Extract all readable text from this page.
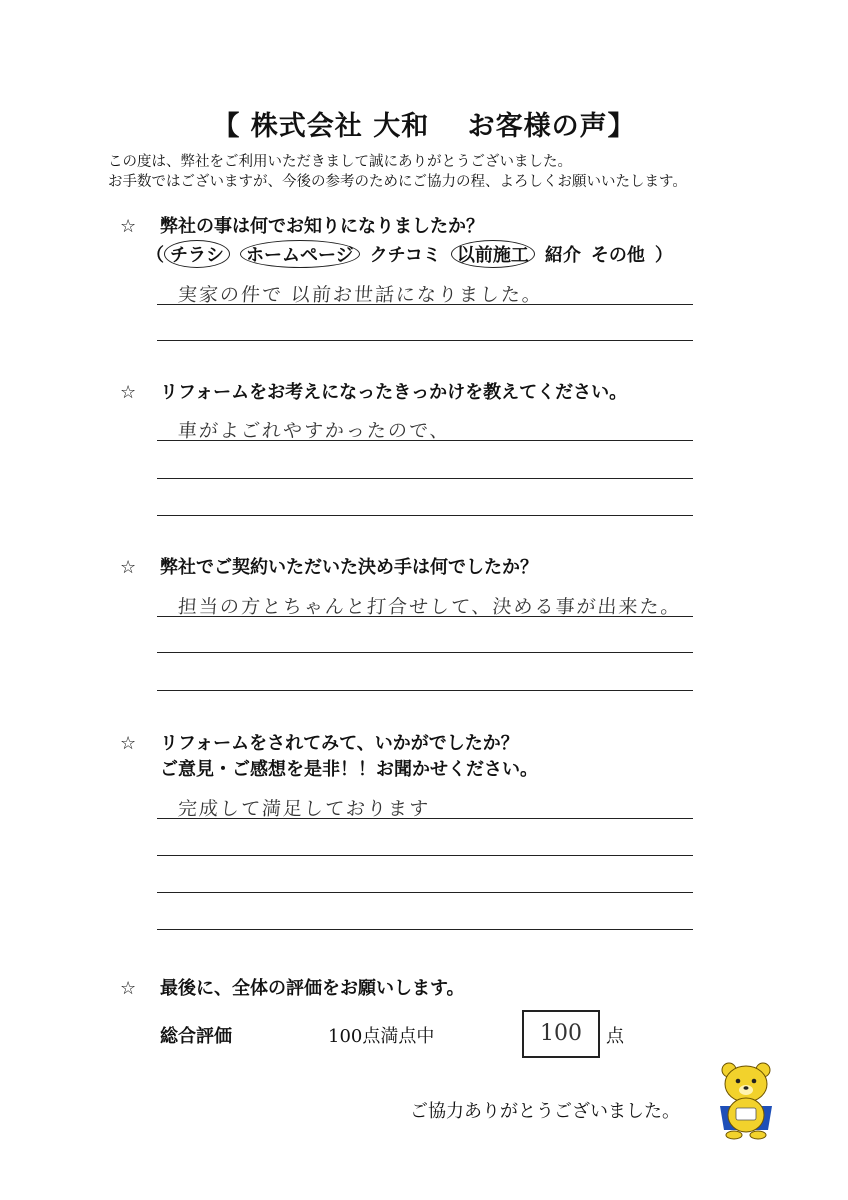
【 株式会社 大和　 お客様の声】
この度は、弊社をご利用いただきまして誠にありがとうございました。
お手数ではございますが、今後の参考のためにご協力の程、よろしくお願いいたします。
☆ 弊社の事は何でお知りになりましたか？
（ チラシ ホームページ クチコミ 以前施工 紹介 その他 ）
実家の件で 以前お世話になりました。
☆ リフォームをお考えになったきっかけを教えてください。
車がよごれやすかったので、
☆ 弊社でご契約いただいた決め手は何でしたか？
担当の方とちゃんと打合せして、決める事が出来た。
☆ リフォームをされてみて、いかがでしたか？
ご意見・ご感想を是非！！お聞かせください。
完成して満足しております
☆ 最後に、全体の評価をお願いします。
総合評価	100点満点中	100	点
ご協力ありがとうございました。
